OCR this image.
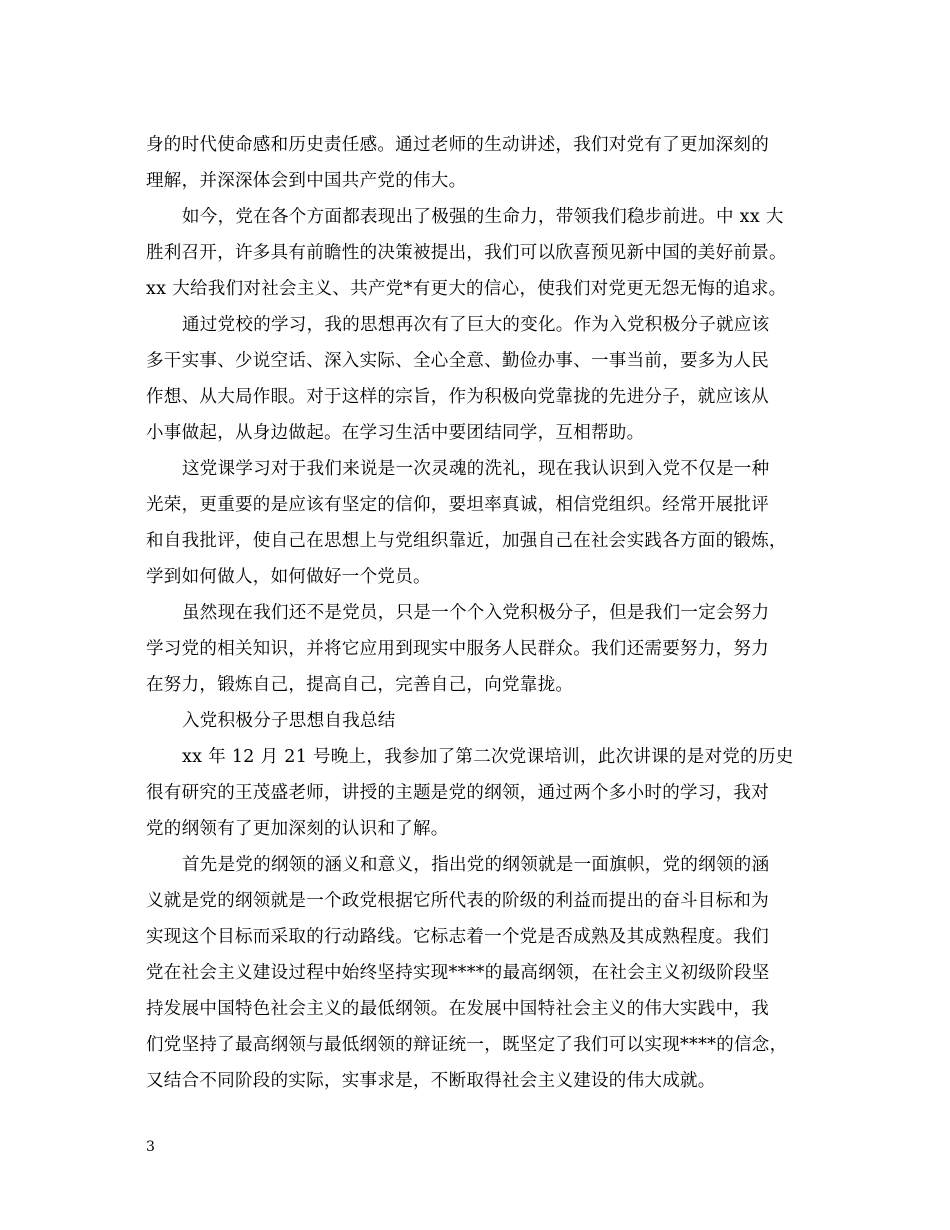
身的时代使命感和历史责任感。通过老师的生动讲述，我们对党有了更加深刻的
理解，并深深体会到中国共产党的伟大。

如今，党在各个方面都表现出了极强的生命力，带领我们稳步前进。中 xx 大
胜利召开，许多具有前瞻性的决策被提出，我们可以欣喜预见新中国的美好前景。
xx 大给我们对社会主义、共产党*有更大的信心，使我们对党更无怨无悔的追求。

通过党校的学习，我的思想再次有了巨大的变化。作为入党积极分子就应该
多干实事、少说空话、深入实际、全心全意、勤俭办事、一事当前，要多为人民
作想、从大局作眼。对于这样的宗旨，作为积极向党靠拢的先进分子，就应该从
小事做起，从身边做起。在学习生活中要团结同学，互相帮助。

这党课学习对于我们来说是一次灵魂的洗礼，现在我认识到入党不仅是一种
光荣，更重要的是应该有坚定的信仰，要坦率真诚，相信党组织。经常开展批评
和自我批评，使自己在思想上与党组织靠近，加强自己在社会实践各方面的锻炼，
学到如何做人，如何做好一个党员。

虽然现在我们还不是党员，只是一个个入党积极分子，但是我们一定会努力
学习党的相关知识，并将它应用到现实中服务人民群众。我们还需要努力，努力
在努力，锻炼自己，提高自己，完善自己，向党靠拢。

入党积极分子思想自我总结

xx 年 12 月 21 号晚上，我参加了第二次党课培训，此次讲课的是对党的历史
很有研究的王茂盛老师，讲授的主题是党的纲领，通过两个多小时的学习，我对
党的纲领有了更加深刻的认识和了解。

首先是党的纲领的涵义和意义，指出党的纲领就是一面旗帜，党的纲领的涵
义就是党的纲领就是一个政党根据它所代表的阶级的利益而提出的奋斗目标和为
实现这个目标而采取的行动路线。它标志着一个党是否成熟及其成熟程度。我们
党在社会主义建设过程中始终坚持实现****的最高纲领，在社会主义初级阶段坚
持发展中国特色社会主义的最低纲领。在发展中国特社会主义的伟大实践中，我
们党坚持了最高纲领与最低纲领的辩证统一，既坚定了我们可以实现****的信念，
又结合不同阶段的实际，实事求是，不断取得社会主义建设的伟大成就。

3
